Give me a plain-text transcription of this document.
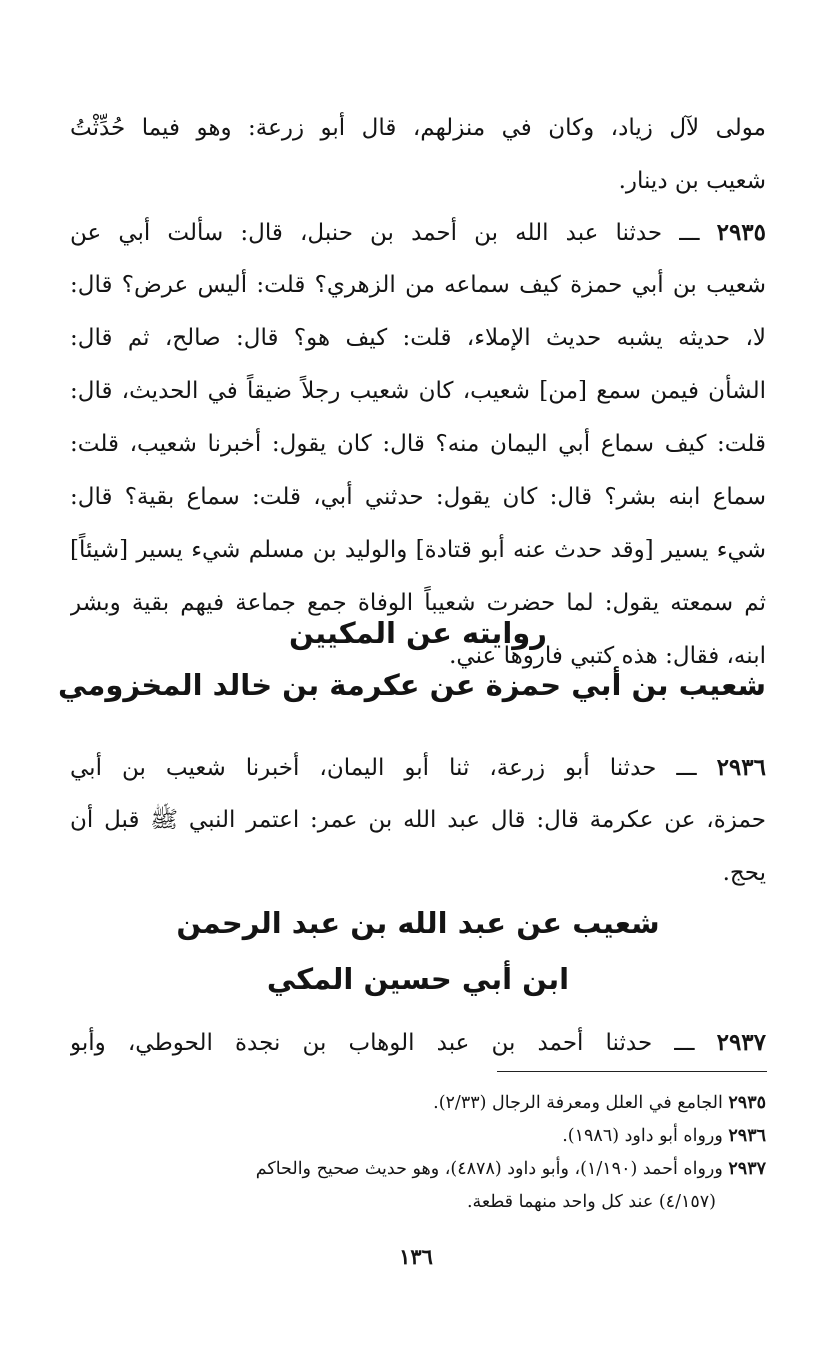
مولى لآل زياد، وكان في منزلهم، قال أبو زرعة: وهو فيما حُدِّثْتُ
شعيب بن دينار.
٢٩٣٥ ـــ حدثنا عبد الله بن أحمد بن حنبل، قال: سألت أبي عن
شعيب بن أبي حمزة كيف سماعه من الزهري؟ قلت: أليس عرض؟ قال:
لا، حديثه يشبه حديث الإملاء، قلت: كيف هو؟ قال: صالح، ثم قال:
الشأن فيمن سمع [من] شعيب، كان شعيب رجلاً ضيقاً في الحديث، قال:
قلت: كيف سماع أبي اليمان منه؟ قال: كان يقول: أخبرنا شعيب، قلت:
سماع ابنه بشر؟ قال: كان يقول: حدثني أبي، قلت: سماع بقية؟ قال:
شيء يسير [وقد حدث عنه أبو قتادة] والوليد بن مسلم شيء يسير [شيئاً]
ثم سمعته يقول: لما حضرت شعيباً الوفاة جمع جماعة فيهم بقية وبشر
ابنه، فقال: هذه كتبي فاروها عني.
روايته عن المكيين
شعيب بن أبي حمزة عن عكرمة بن خالد المخزومي
٢٩٣٦ ـــ حدثنا أبو زرعة، ثنا أبو اليمان، أخبرنا شعيب بن أبي
حمزة، عن عكرمة قال: قال عبد الله بن عمر: اعتمر النبي ﷺ قبل أن
يحج.
شعيب عن عبد الله بن عبد الرحمن
ابن أبي حسين المكي
٢٩٣٧ ـــ حدثنا أحمد بن عبد الوهاب بن نجدة الحوطي، وأبو
٢٩٣٥ الجامع في العلل ومعرفة الرجال (٢/٣٣).
٢٩٣٦ ورواه أبو داود (١٩٨٦).
٢٩٣٧ ورواه أحمد (١/١٩٠)، وأبو داود (٤٨٧٨)، وهو حديث صحيح والحاكم
(٤/١٥٧) عند كل واحد منهما قطعة.
١٣٦
